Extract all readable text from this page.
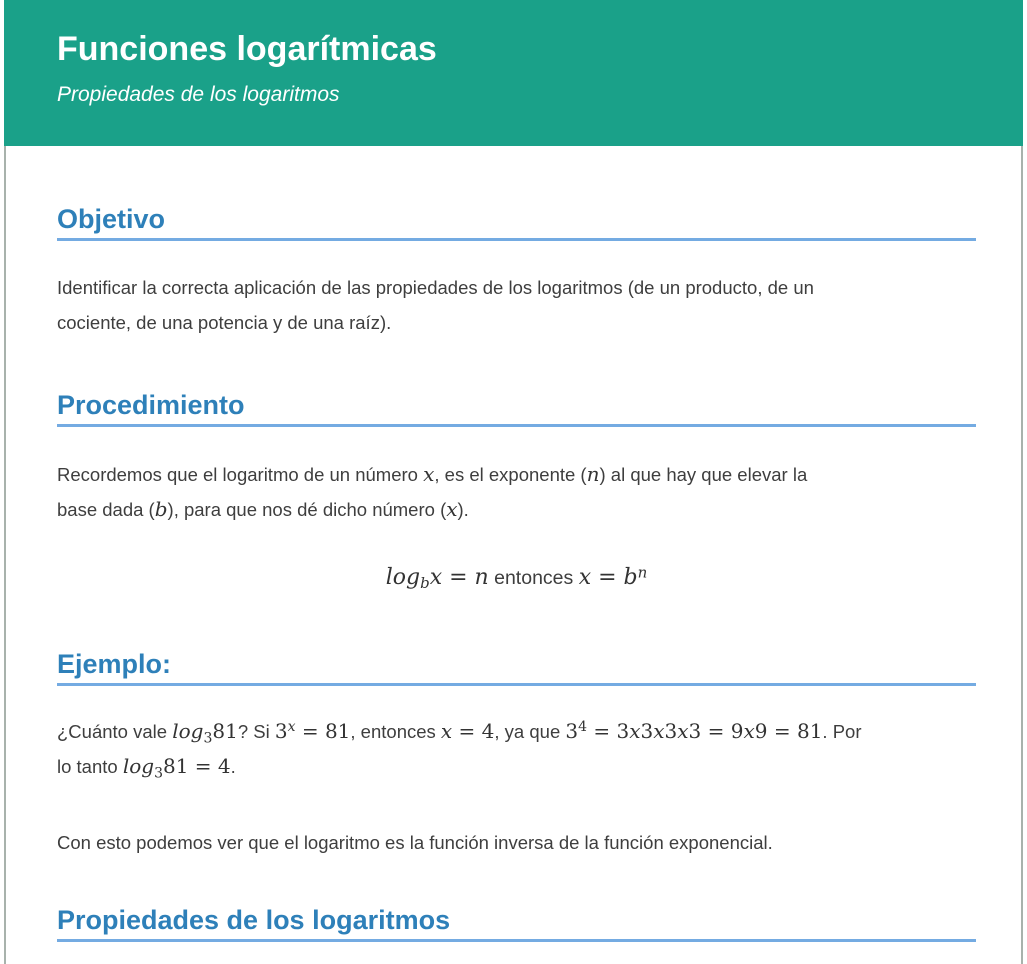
Funciones logarítmicas

Propiedades de los logaritmos

Objetivo

Identificar la correcta aplicación de las propiedades de los logaritmos (de un producto, de un
cociente, de una potencia y de una raíz).

Procedimiento

Recordemos que el logaritmo de un número x, es el exponente (n) al que hay que elevar la
base dada (b), para que nos dé dicho número (x).

$\log_bx = n$ entonces $x = b^n$
Ejemplo:

¿Cuánto vale $\log_381$? Si $3^x = 81$, entonces x = 4, ya que $3^4 = 3x3x3x3 = 9x9 = 81$. Por
lo tanto $\log_381 = 4$.

Con esto podemos ver que el logaritmo es la función inversa de la función exponencial.

Propiedades de los logaritmos
